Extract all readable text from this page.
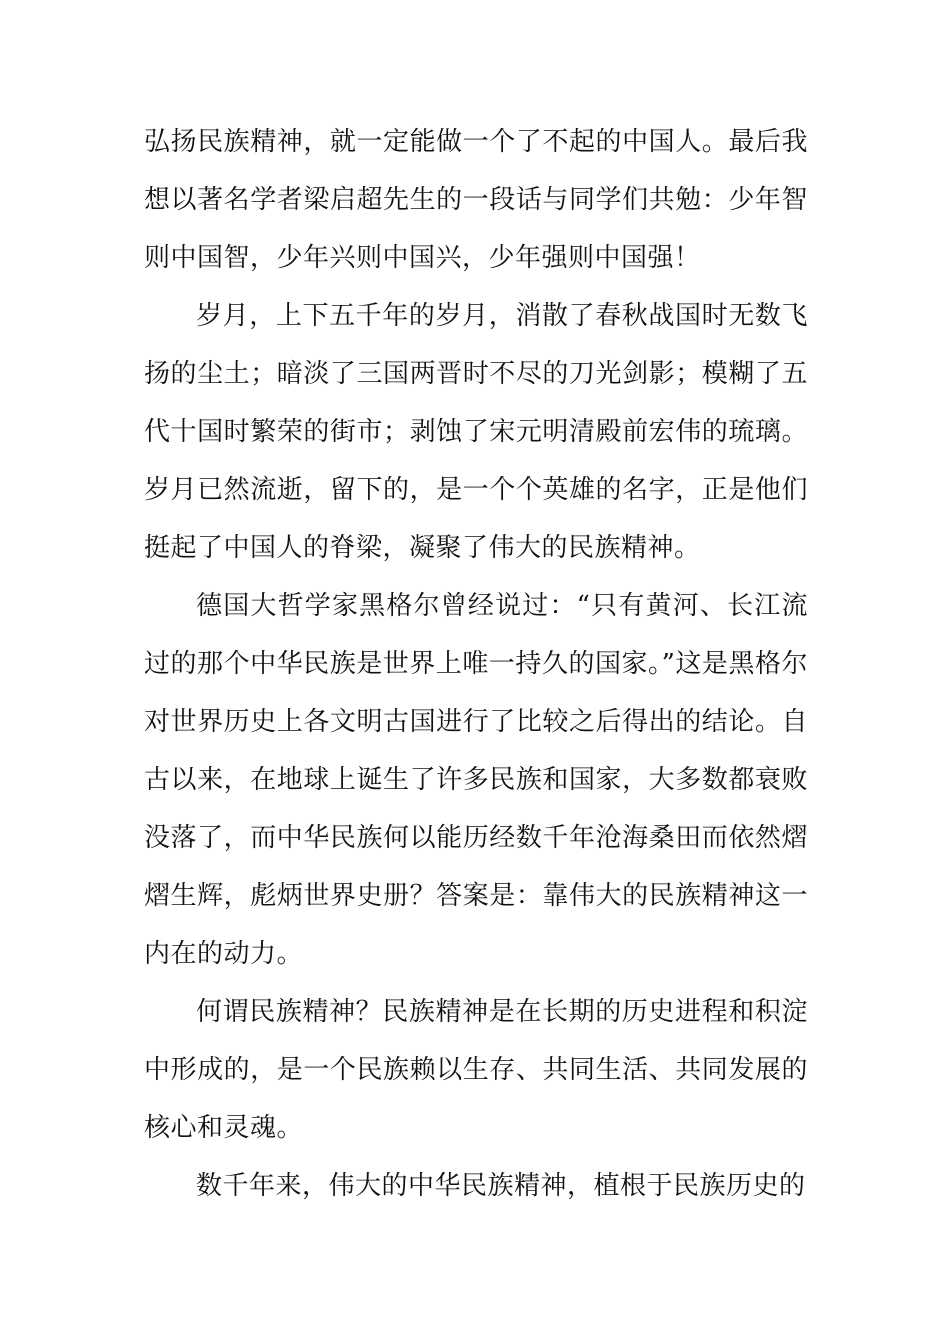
弘扬民族精神，就一定能做一个了不起的中国人。最后我想以著名学者梁启超先生的一段话与同学们共勉：少年智则中国智，少年兴则中国兴，少年强则中国强！

岁月，上下五千年的岁月，消散了春秋战国时无数飞扬的尘土；暗淡了三国两晋时不尽的刀光剑影；模糊了五代十国时繁荣的街市；剥蚀了宋元明清殿前宏伟的琉璃。岁月已然流逝，留下的，是一个个英雄的名字，正是他们挺起了中国人的脊梁，凝聚了伟大的民族精神。

德国大哲学家黑格尔曾经说过：“只有黄河、长江流过的那个中华民族是世界上唯一持久的国家。”这是黑格尔对世界历史上各文明古国进行了比较之后得出的结论。自古以来，在地球上诞生了许多民族和国家，大多数都衰败没落了，而中华民族何以能历经数千年沧海桑田而依然熠熠生辉，彪炳世界史册？答案是：靠伟大的民族精神这一内在的动力。

何谓民族精神？民族精神是在长期的历史进程和积淀中形成的，是一个民族赖以生存、共同生活、共同发展的核心和灵魂。

数千年来，伟大的中华民族精神，植根于民族历史的
